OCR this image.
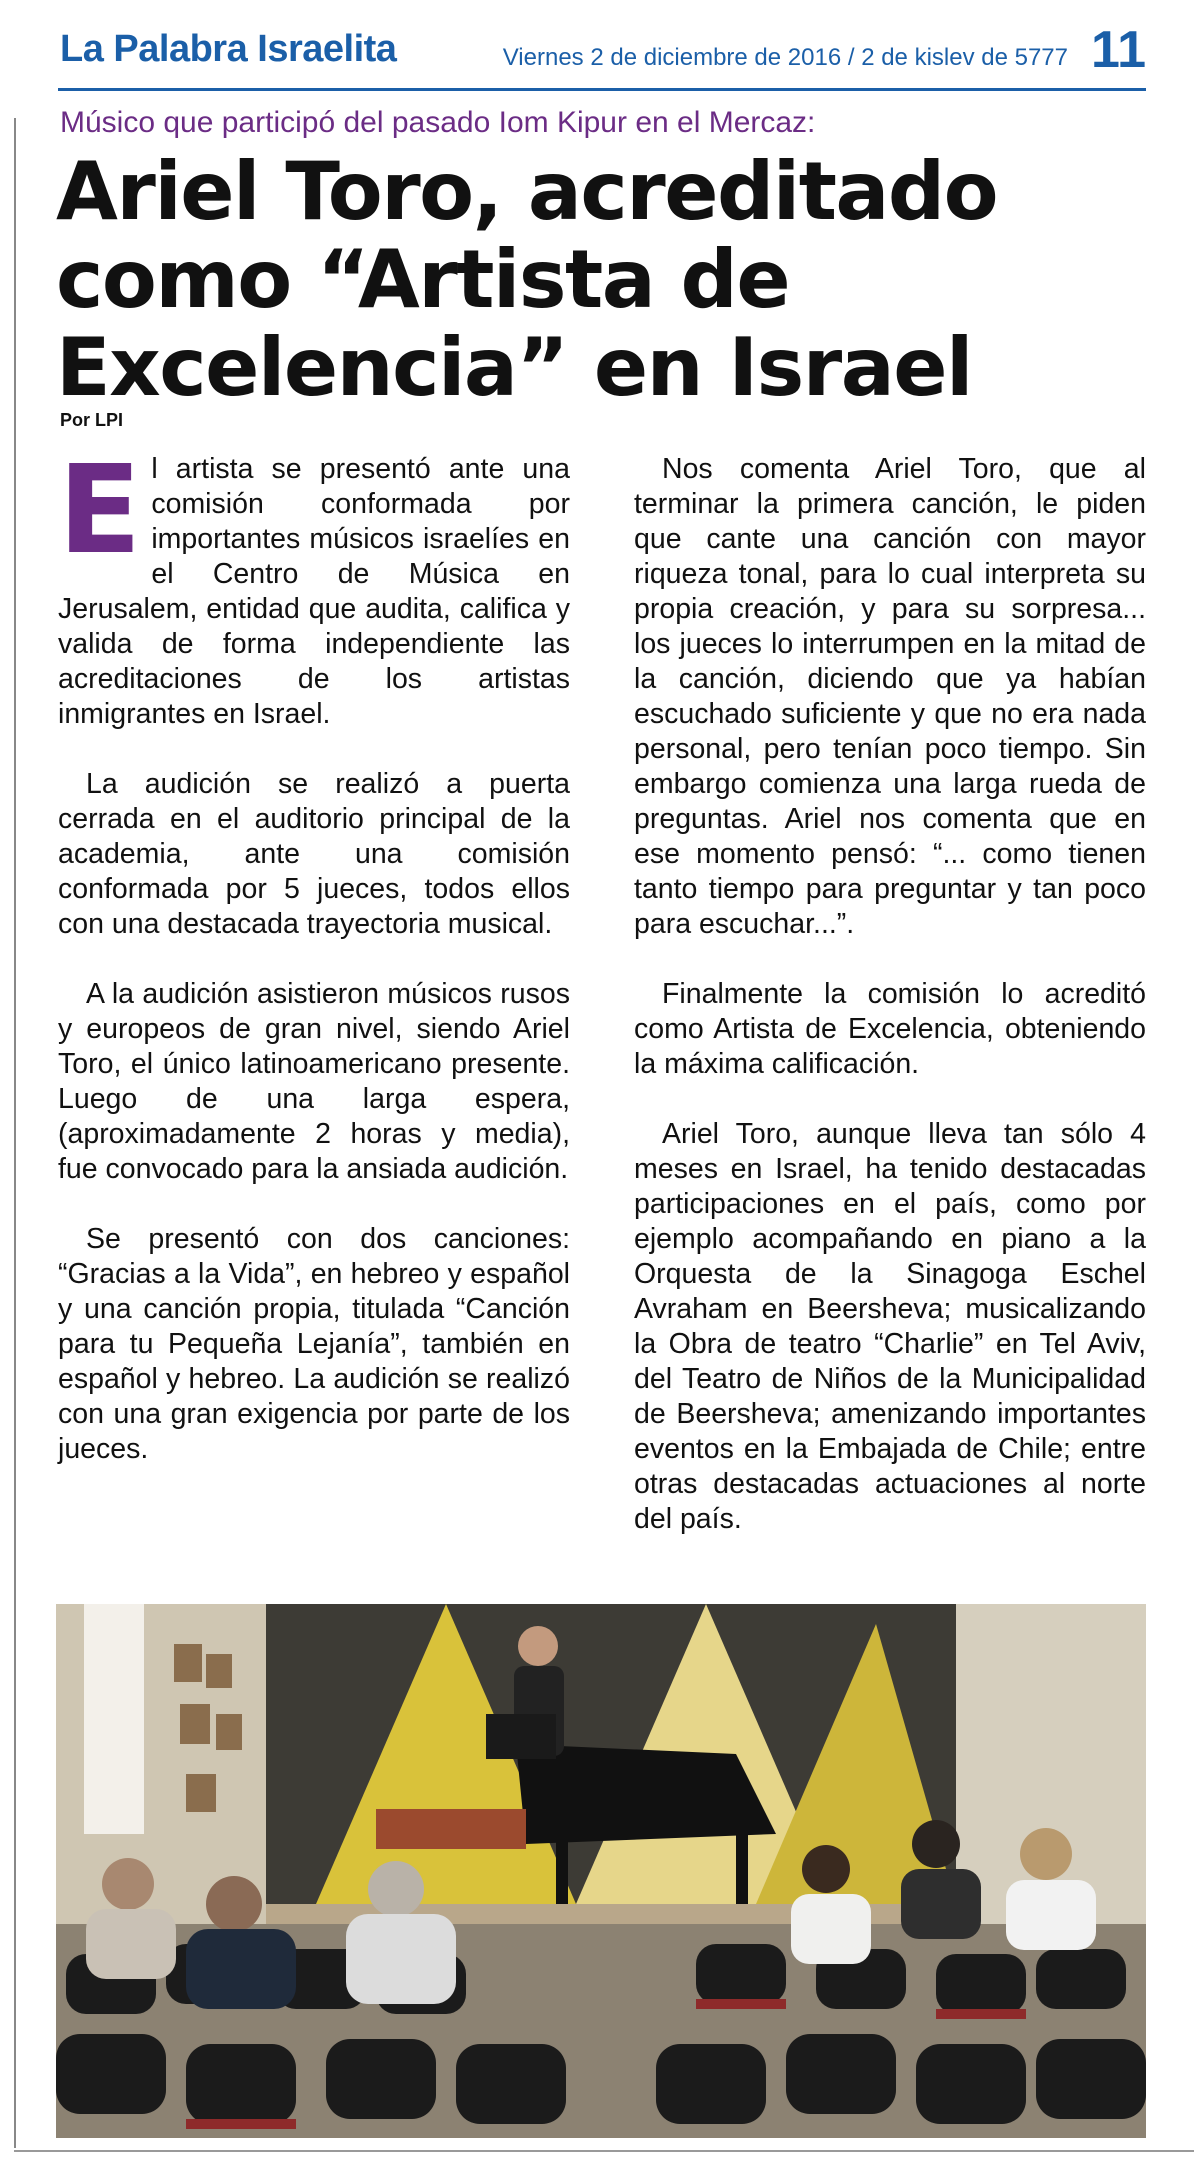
La Palabra Israelita	Viernes 2 de diciembre de 2016 / 2 de kislev de 5777 11
Músico que participó del pasado Iom Kipur en el Mercaz:
Ariel Toro, acreditado como “Artista de Excelencia” en Israel
Por LPI

El artista se presentó ante una comisión conformada por importantes músicos israelíes en el Centro de Música en Jerusalem, entidad que audita, califica y valida de forma independiente las acreditaciones de los artistas inmigrantes en Israel.

La audición se realizó a puerta cerrada en el auditorio principal de la academia, ante una comisión conformada por 5 jueces, todos ellos con una destacada trayectoria musical.

A la audición asistieron músicos rusos y europeos de gran nivel, siendo Ariel Toro, el único latinoamericano presente. Luego de una larga espera, (aproximadamente 2 horas y media), fue convocado para la ansiada audición.

Se presentó con dos canciones: “Gracias a la Vida”, en hebreo y español y una canción propia, titulada “Canción para tu Pequeña Lejanía”, también en español y hebreo. La audición se realizó con una gran exigencia por parte de los jueces.

Nos comenta Ariel Toro, que al terminar la primera canción, le piden que cante una canción con mayor riqueza tonal, para lo cual interpreta su propia creación, y para su sorpresa... los jueces lo interrumpen en la mitad de la canción, diciendo que ya habían escuchado suficiente y que no era nada personal, pero tenían poco tiempo. Sin embargo comienza una larga rueda de preguntas. Ariel nos comenta que en ese momento pensó: “... como tienen tanto tiempo para preguntar y tan poco para escuchar...”.

Finalmente la comisión lo acreditó como Artista de Excelencia, obteniendo la máxima calificación.

Ariel Toro, aunque lleva tan sólo 4 meses en Israel, ha tenido destacadas participaciones en el país, como por ejemplo acompañando en piano a la Orquesta de la Sinagoga Eschel Avraham en Beersheva; musicalizando la Obra de teatro “Charlie” en Tel Aviv, del Teatro de Niños de la Municipalidad de Beersheva; amenizando importantes eventos en la Embajada de Chile; entre otras destacadas actuaciones al norte del país.
